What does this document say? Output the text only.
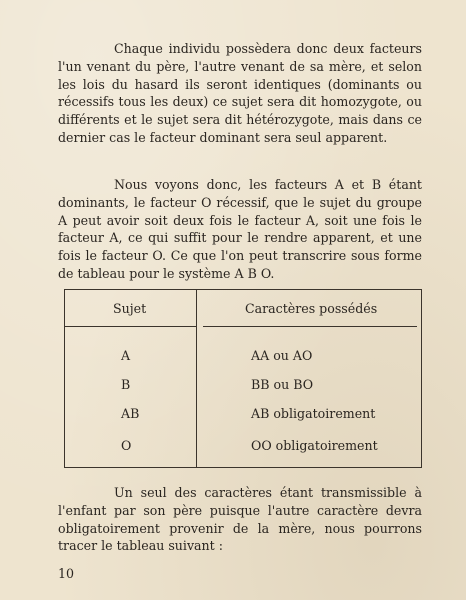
Chaque individu possèdera donc deux facteurs l'un venant du père, l'autre venant de sa mère, et selon les lois du hasard ils seront identiques (dominants ou récessifs tous les deux) ce sujet sera dit homozygote, ou différents et le sujet sera dit hétérozygote, mais dans ce dernier cas le facteur dominant sera seul apparent.

Nous voyons donc, les facteurs A et B étant dominants, le facteur O récessif, que le sujet du groupe A peut avoir soit deux fois le facteur A, soit une fois le facteur A, ce qui suffit pour le rendre apparent, et une fois le facteur O. Ce que l'on peut transcrire sous forme de tableau pour le système A B O.

Sujet	Caractères possédés
A	AA ou AO
B	BB ou BO
AB	AB obligatoirement
O	OO obligatoirement

Un seul des caractères étant transmissible à l'enfant par son père puisque l'autre caractère devra obligatoirement provenir de la mère, nous pourrons tracer le tableau suivant :

10
